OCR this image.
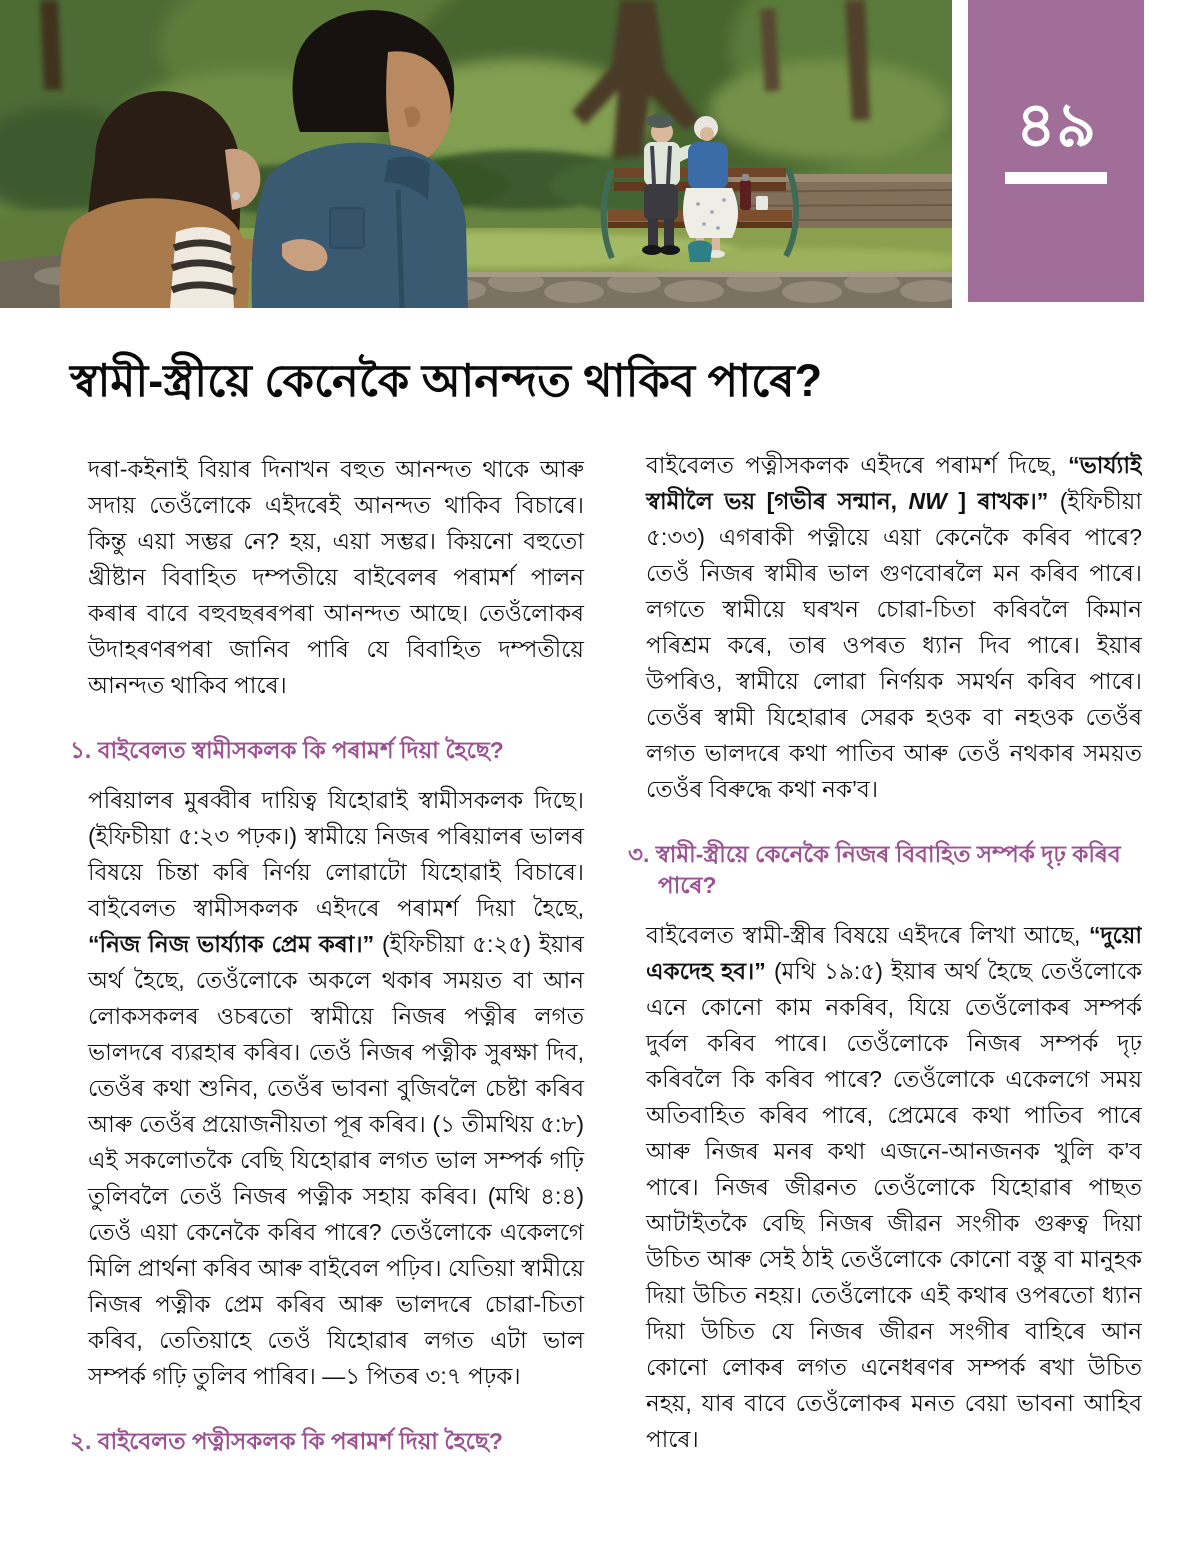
৪৯
স্বামী-স্ত্ৰীয়ে কেনেকৈ আনন্দত থাকিব পাৰে?

দৰা-কইনাই বিয়াৰ দিনাখন বহুত আনন্দত থাকে আৰু সদায় তেওঁলোকে এইদৰেই আনন্দত থাকিব বিচাৰে। কিন্তু এয়া সম্ভৱ নে? হয়, এয়া সম্ভৱ। কিয়নো বহুতো খ্ৰীষ্টান বিবাহিত দম্পতীয়ে বাইবেলৰ পৰামৰ্শ পালন কৰাৰ বাবে বহুবছৰৰপৰা আনন্দত আছে। তেওঁলোকৰ উদাহৰণৰপৰা জানিব পাৰি যে বিবাহিত দম্পতীয়ে আনন্দত থাকিব পাৰে।

১. বাইবেলত স্বামীসকলক কি পৰামৰ্শ দিয়া হৈছে?

পৰিয়ালৰ মুৰব্বীৰ দায়িত্ব যিহোৱাই স্বামীসকলক দিছে। (ইফিচীয়া ৫:২৩ পঢ়ক।) স্বামীয়ে নিজৰ পৰিয়ালৰ ভালৰ বিষয়ে চিন্তা কৰি নিৰ্ণয় লোৱাটো যিহোৱাই বিচাৰে। বাইবেলত স্বামীসকলক এইদৰে পৰামৰ্শ দিয়া হৈছে, “নিজ নিজ ভাৰ্য্যাক প্ৰেম কৰা।” (ইফিচীয়া ৫:২৫) ইয়াৰ অৰ্থ হৈছে, তেওঁলোকে অকলে থকাৰ সময়ত বা আন লোকসকলৰ ওচৰতো স্বামীয়ে নিজৰ পত্নীৰ লগত ভালদৰে ব্যৱহাৰ কৰিব। তেওঁ নিজৰ পত্নীক সুৰক্ষা দিব, তেওঁৰ কথা শুনিব, তেওঁৰ ভাবনা বুজিবলৈ চেষ্টা কৰিব আৰু তেওঁৰ প্ৰয়োজনীয়তা পূৰ কৰিব। (১ তীমথিয় ৫:৮) এই সকলোতকৈ বেছি যিহোৱাৰ লগত ভাল সম্পৰ্ক গঢ়ি তুলিবলৈ তেওঁ নিজৰ পত্নীক সহায় কৰিব। (মথি ৪:৪) তেওঁ এয়া কেনেকৈ কৰিব পাৰে? তেওঁলোকে একেলগে মিলি প্ৰাৰ্থনা কৰিব আৰু বাইবেল পঢ়িব। যেতিয়া স্বামীয়ে নিজৰ পত্নীক প্ৰেম কৰিব আৰু ভালদৰে চোৱা-চিতা কৰিব, তেতিয়াহে তেওঁ যিহোৱাৰ লগত এটা ভাল সম্পৰ্ক গঢ়ি তুলিব পাৰিব। —১ পিতৰ ৩:৭ পঢ়ক।

২. বাইবেলত পত্নীসকলক কি পৰামৰ্শ দিয়া হৈছে?

বাইবেলত পত্নীসকলক এইদৰে পৰামৰ্শ দিছে, “ভাৰ্য্যাই স্বামীলৈ ভয় [গভীৰ সন্মান, NW ] ৰাখক।” (ইফিচীয়া ৫:৩৩) এগৰাকী পত্নীয়ে এয়া কেনেকৈ কৰিব পাৰে? তেওঁ নিজৰ স্বামীৰ ভাল গুণবোৰলৈ মন কৰিব পাৰে। লগতে স্বামীয়ে ঘৰখন চোৱা-চিতা কৰিবলৈ কিমান পৰিশ্ৰম কৰে, তাৰ ওপৰত ধ্যান দিব পাৰে। ইয়াৰ উপৰিও, স্বামীয়ে লোৱা নিৰ্ণয়ক সমৰ্থন কৰিব পাৰে। তেওঁৰ স্বামী যিহোৱাৰ সেৱক হওক বা নহওক তেওঁৰ লগত ভালদৰে কথা পাতিব আৰু তেওঁ নথকাৰ সময়ত তেওঁৰ বিৰুদ্ধে কথা নক’ব।

৩. স্বামী-স্ত্ৰীয়ে কেনেকৈ নিজৰ বিবাহিত সম্পৰ্ক দৃঢ় কৰিব পাৰে?

বাইবেলত স্বামী-স্ত্ৰীৰ বিষয়ে এইদৰে লিখা আছে, “দুয়ো একদেহ হব।” (মথি ১৯:৫) ইয়াৰ অৰ্থ হৈছে তেওঁলোকে এনে কোনো কাম নকৰিব, যিয়ে তেওঁলোকৰ সম্পৰ্ক দুৰ্বল কৰিব পাৰে। তেওঁলোকে নিজৰ সম্পৰ্ক দৃঢ় কৰিবলৈ কি কৰিব পাৰে? তেওঁলোকে একেলগে সময় অতিবাহিত কৰিব পাৰে, প্ৰেমেৰে কথা পাতিব পাৰে আৰু নিজৰ মনৰ কথা এজনে-আনজনক খুলি ক’ব পাৰে। নিজৰ জীৱনত তেওঁলোকে যিহোৱাৰ পাছত আটাইতকৈ বেছি নিজৰ জীৱন সংগীক গুৰুত্ব দিয়া উচিত আৰু সেই ঠাই তেওঁলোকে কোনো বস্তু বা মানুহক দিয়া উচিত নহয়। তেওঁলোকে এই কথাৰ ওপৰতো ধ্যান দিয়া উচিত যে নিজৰ জীৱন সংগীৰ বাহিৰে আন কোনো লোকৰ লগত এনেধৰণৰ সম্পৰ্ক ৰখা উচিত নহয়, যাৰ বাবে তেওঁলোকৰ মনত বেয়া ভাবনা আহিব পাৰে।
